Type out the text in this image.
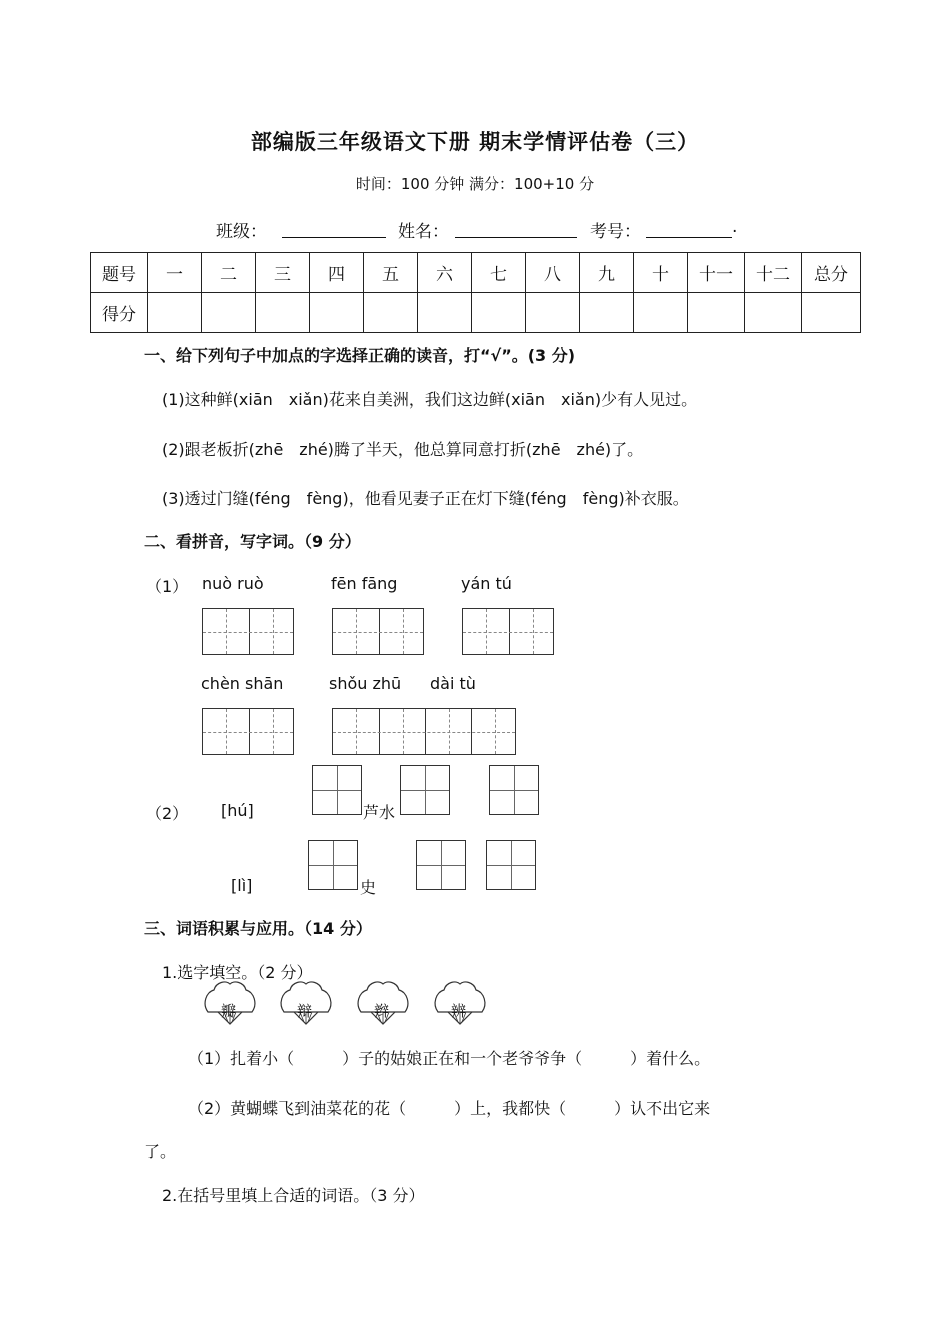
部编版三年级语文下册 期末学情评估卷（三）
时间：100 分钟 满分：100+10 分
班级：	姓名：	考号：	.
题号	一	二	三	四	五	六	七	八	九	十	十一	十二	总分
得分													
一、给下列句子中加点的字选择正确的读音，打“√”。(3 分)
(1)这种鲜(xiān　xiǎn)花来自美洲，我们这边鲜(xiān　xiǎn)少有人见过。
(2)跟老板折(zhē　zhé)腾了半天，他总算同意打折(zhē　zhé)了。
(3)透过门缝(féng　fèng)，他看见妻子正在灯下缝(féng　fèng)补衣服。
二、看拼音，写字词。（9 分）
（1） nuò ruò	fēn fāng	yán tú
chèn shān	shǒu zhū dài tù
（2） [hú]	芦水
[lì]	史
三、词语积累与应用。（14 分）
1.选字填空。（2 分）
瓣	辩	辫	辨
（1）扎着小（　　　）子的姑娘正在和一个老爷爷争（　　　）着什么。
（2）黄蝴蝶飞到油菜花的花（　　　）上，我都快（　　　）认不出它来
了。
2.在括号里填上合适的词语。（3 分）
